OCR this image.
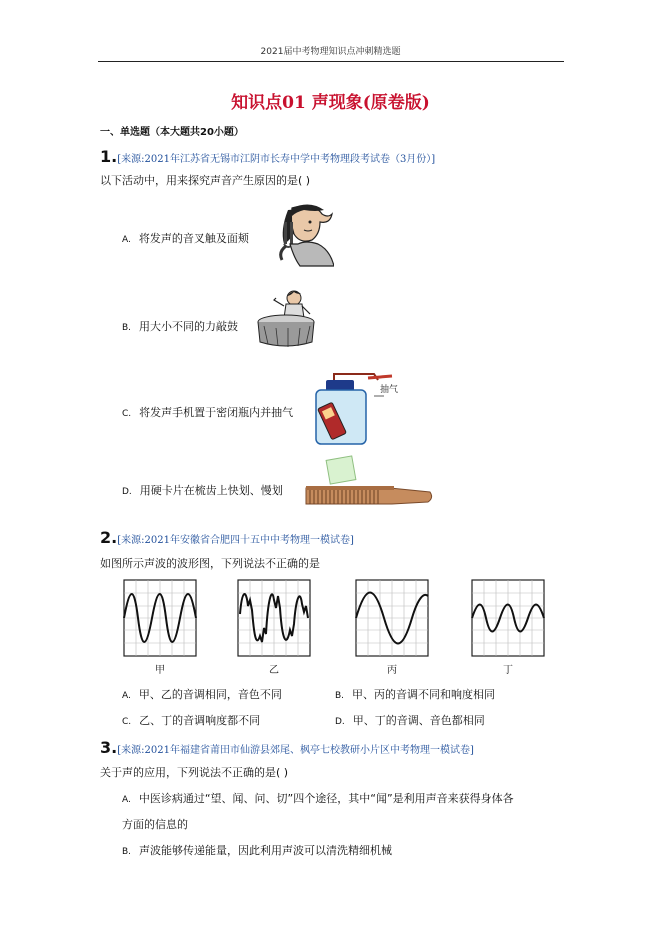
2021届中考物理知识点冲刺精选题
知识点01 声现象(原卷版)
一、单选题（本大题共20小题）
1.[来源:2021年江苏省无锡市江阴市长寿中学中考物理段考试卷（3月份）]
以下活动中，用来探究声音产生原因的是( )
A. 将发声的音叉触及面颊
B. 用大小不同的力敲鼓
C. 将发声手机置于密闭瓶内并抽气
抽气
D. 用硬卡片在梳齿上快划、慢划
2.[来源:2021年安徽省合肥四十五中中考物理一模试卷]
如图所示声波的波形图，下列说法不正确的是
甲	乙	丙	丁
A. 甲、乙的音调相同，音色不同	B. 甲、丙的音调不同和响度相同
C. 乙、丁的音调响度都不同	D. 甲、丁的音调、音色都相同
3.[来源:2021年福建省莆田市仙游县郊尾、枫亭七校教研小片区中考物理一模试卷]
关于声的应用，下列说法不正确的是( )
A. 中医诊病通过“望、闻、问、切”四个途径，其中“闻”是利用声音来获得身体各
方面的信息的
B. 声波能够传递能量，因此利用声波可以清洗精细机械
